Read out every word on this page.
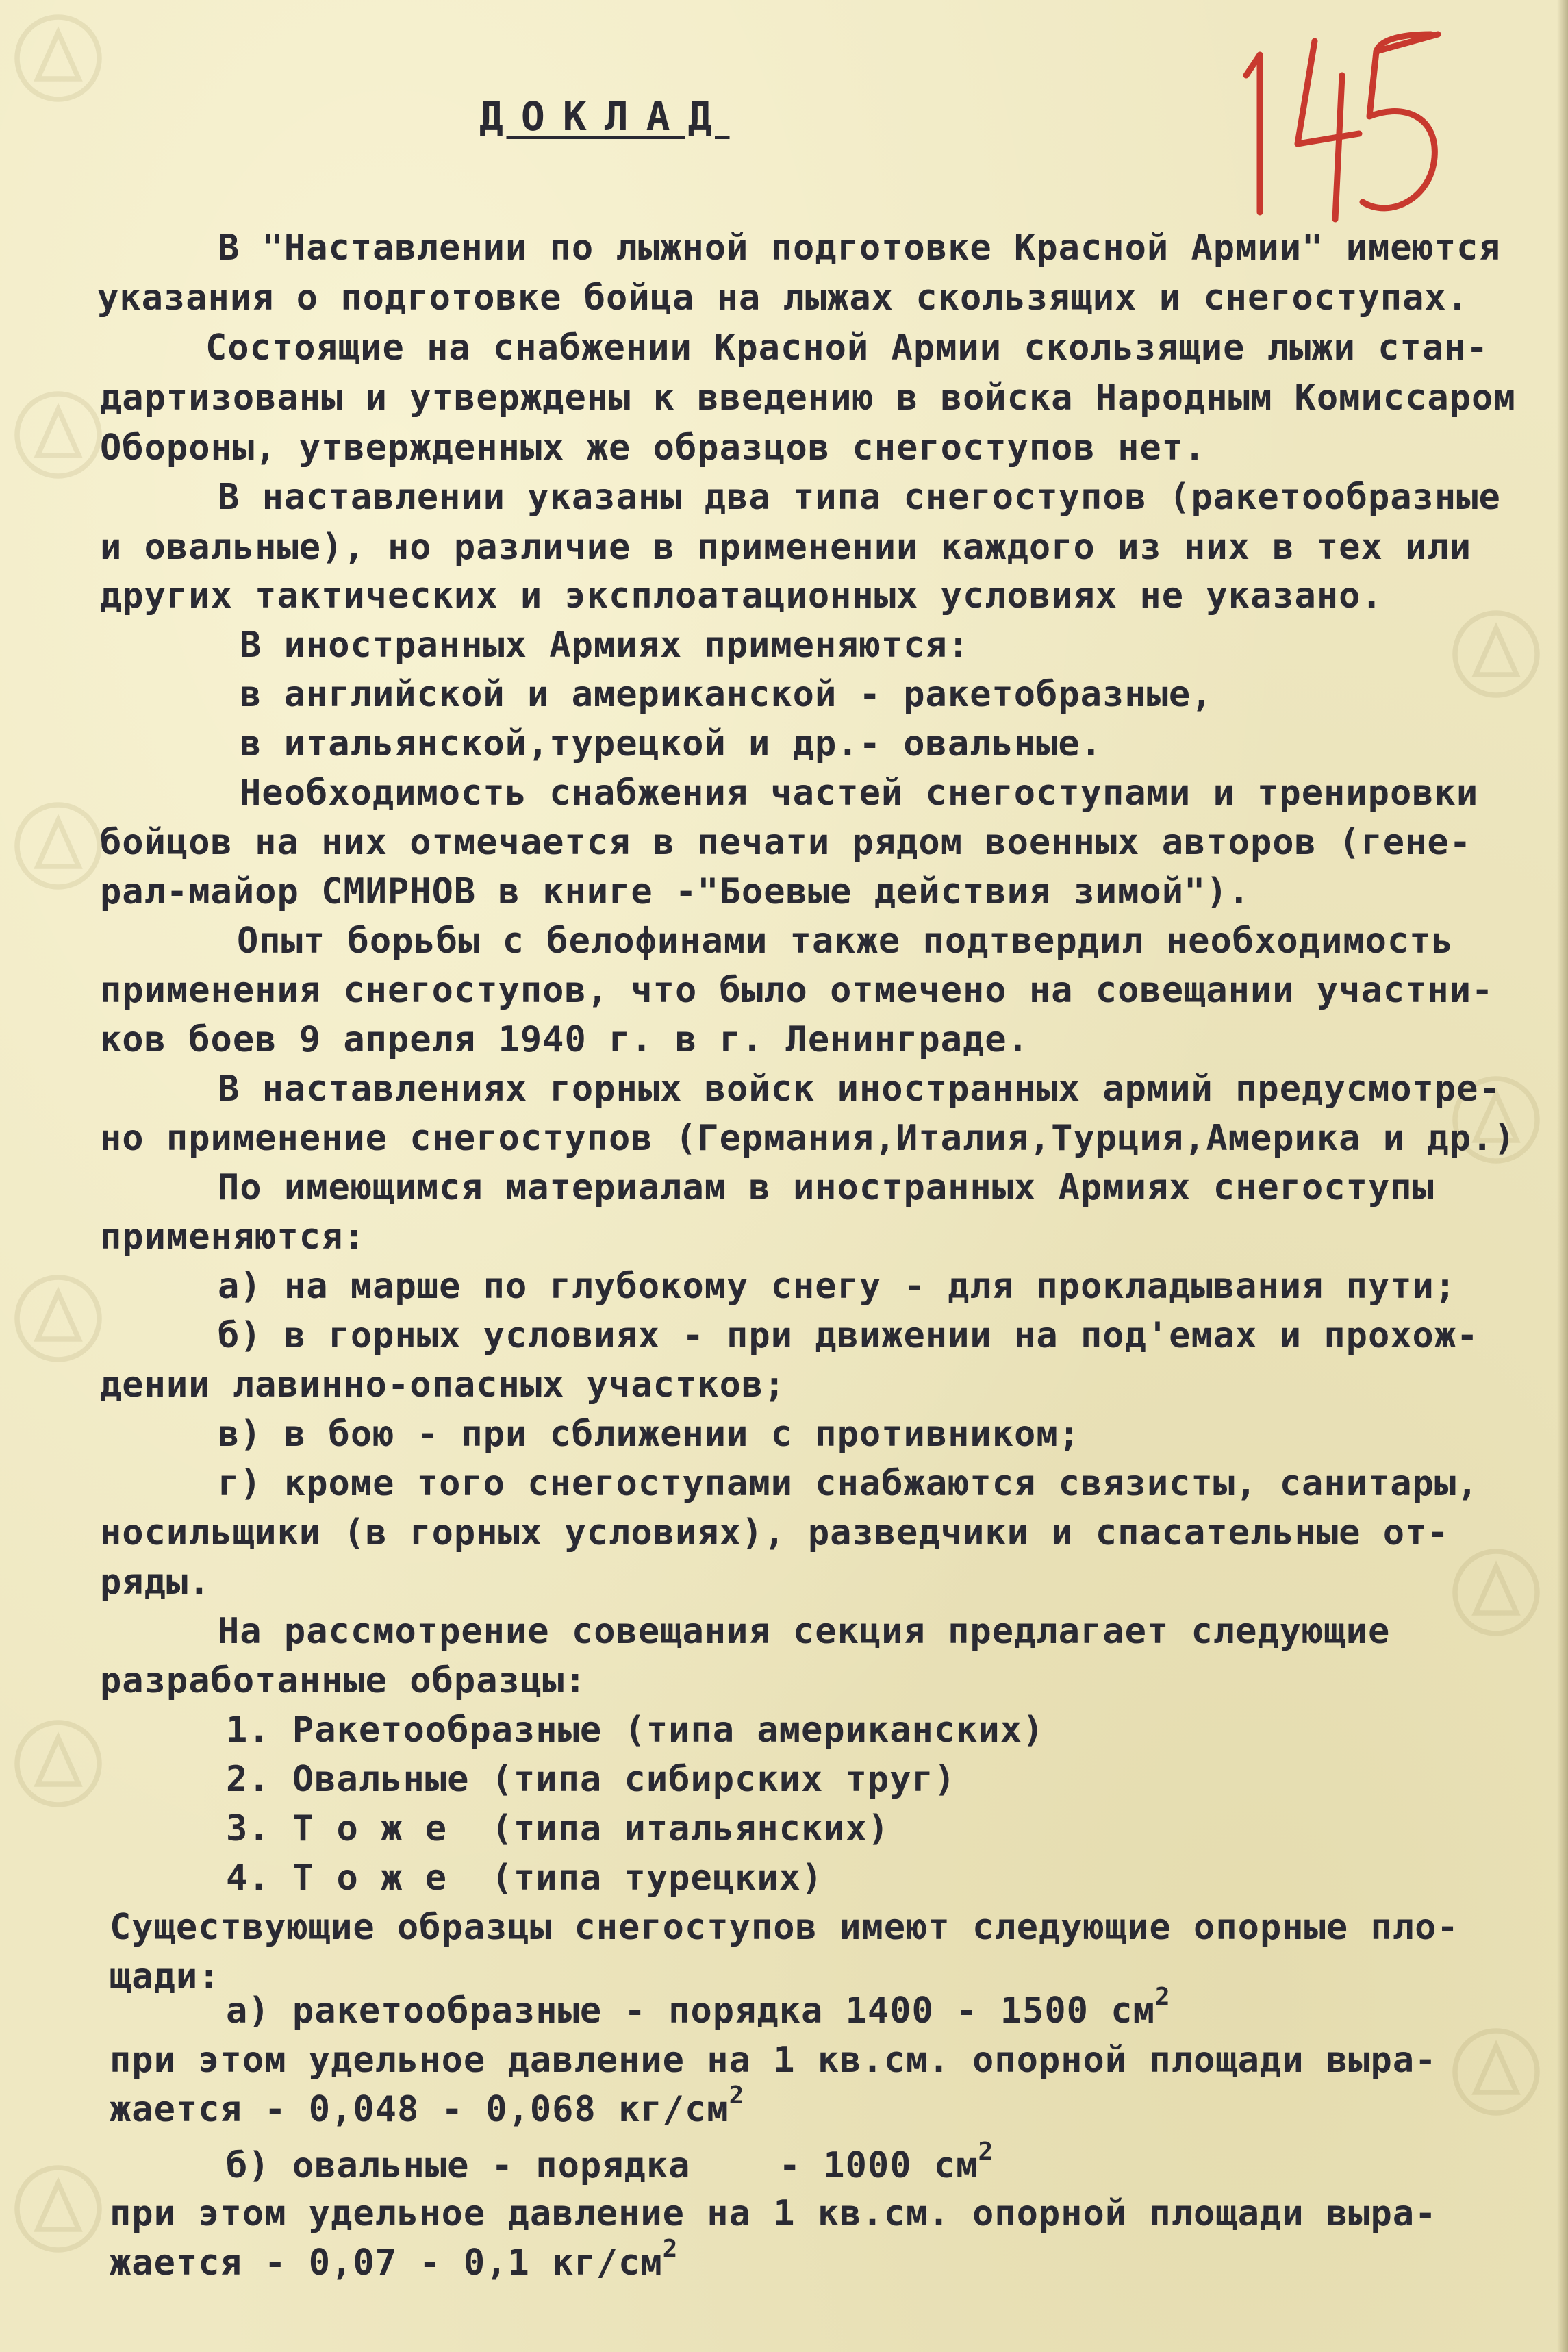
ДОКЛАД
В "Наставлении по лыжной подготовке Красной Армии" имеются
указания о подготовке бойца на лыжах скользящих и снегоступах.
Состоящие на снабжении Красной Армии скользящие лыжи стан-
дартизованы и утверждены к введению в войска Народным Комиссаром
Обороны, утвержденных же образцов снегоступов нет.
В наставлении указаны два типа снегоступов (ракетообразные
и овальные), но различие в применении каждого из них в тех или
других тактических и эксплоатационных условиях не указано.
В иностранных Армиях применяются:
в английской и американской - ракетобразные,
в итальянской,турецкой и др.- овальные.
Необходимость снабжения частей снегоступами и тренировки
бойцов на них отмечается в печати рядом военных авторов (гене-
рал-майор СМИРНОВ в книге -"Боевые действия зимой").
Опыт борьбы с белофинами также подтвердил необходимость
применения снегоступов, что было отмечено на совещании участни-
ков боев 9 апреля 1940 г. в г. Ленинграде.
В наставлениях горных войск иностранных армий предусмотре-
но применение снегоступов (Германия,Италия,Турция,Америка и др.)
По имеющимся материалам в иностранных Армиях снегоступы
применяются:
а) на марше по глубокому снегу - для прокладывания пути;
б) в горных условиях - при движении на под'емах и прохож-
дении лавинно-опасных участков;
в) в бою - при сближении с противником;
г) кроме того снегоступами снабжаются связисты, санитары,
носильщики (в горных условиях), разведчики и спасательные от-
ряды.
На рассмотрение совещания секция предлагает следующие
разработанные образцы:
1. Ракетообразные (типа американских)
2. Овальные (типа сибирских труг)
3. Т о ж е  (типа итальянских)
4. Т о ж е  (типа турецких)
Существующие образцы снегоступов имеют следующие опорные пло-
щади:
а) ракетообразные - порядка 1400 - 1500 $см^2$
при этом удельное давление на 1 кв.см. опорной площади выра-
жается - 0,048 - 0,068 $кг/см^2$
б) овальные - порядка    - 1000 $см^2$
при этом удельное давление на 1 кв.см. опорной площади выра-
жается - 0,07 - 0,1 $кг/см^2$
